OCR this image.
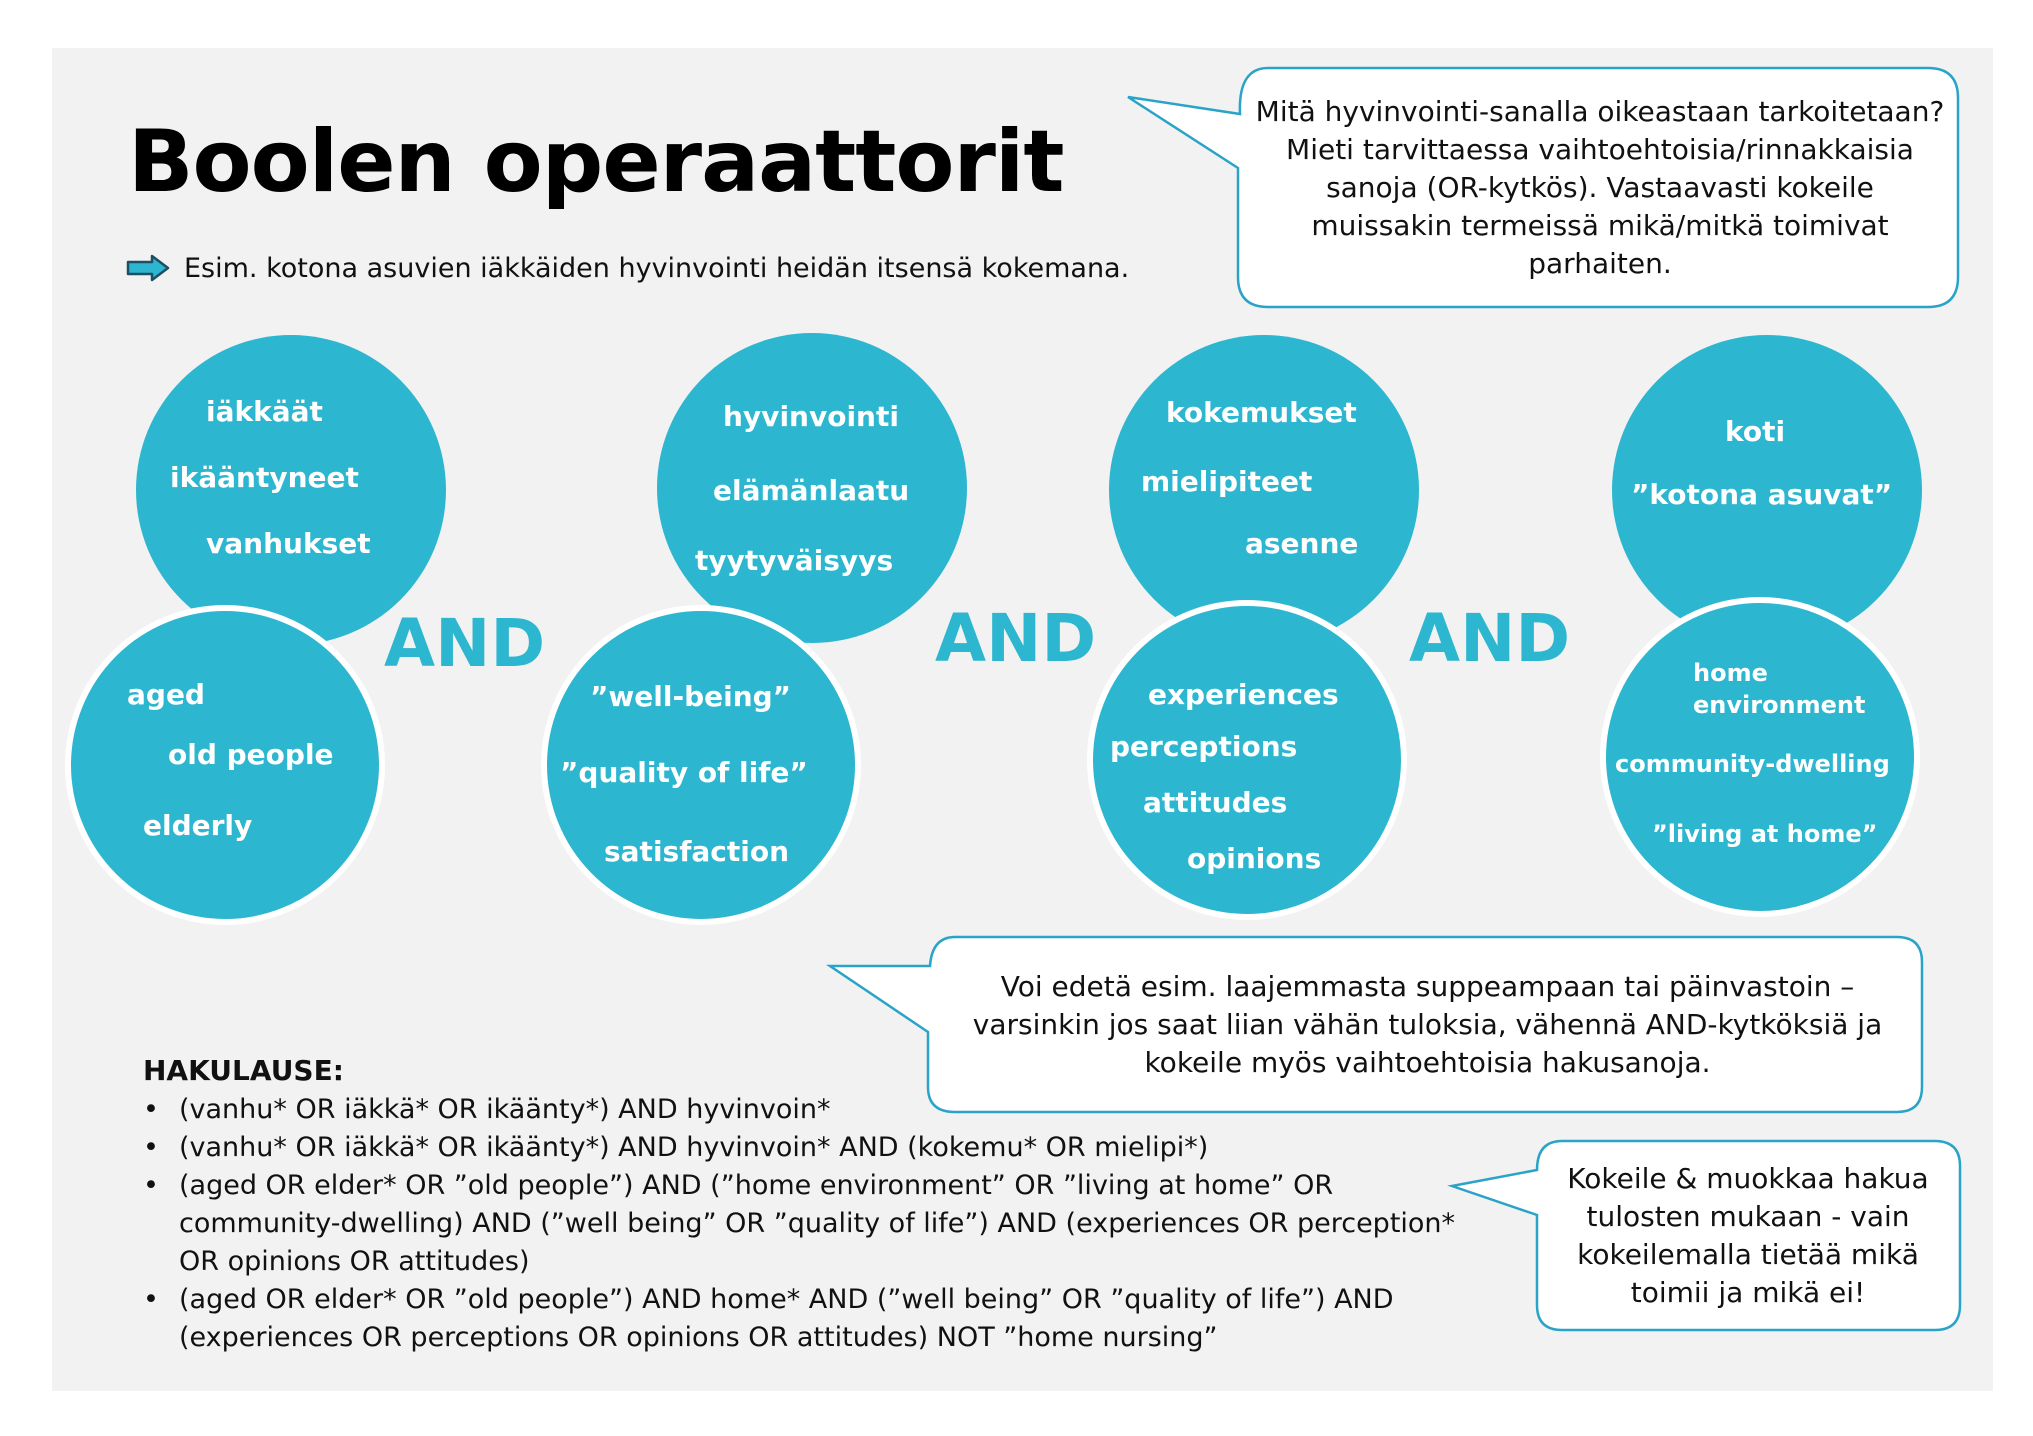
Boolen operaattorit
Esim. kotona asuvien iäkkäiden hyvinvointi heidän itsensä kokemana.
Mitä hyvinvointi-sanalla oikeastaan tarkoitetaan? Mieti tarvittaessa vaihtoehtoisia/rinnakkaisia sanoja (OR-kytkös). Vastaavasti kokeile muissakin termeissä mikä/mitkä toimivat parhaiten.
Voi edetä esim. laajemmasta suppeampaan tai päinvastoin – varsinkin jos saat liian vähän tuloksia, vähennä AND-kytköksiä ja kokeile myös vaihtoehtoisia hakusanoja.
Kokeile & muokkaa hakua tulosten mukaan - vain kokeilemalla tietää mikä toimii ja mikä ei!
iäkkäät
ikääntyneet
vanhukset
aged
old people
elderly
hyvinvointi
elämänlaatu
tyytyväisyys
”well-being”
”quality of life”
satisfaction
kokemukset
mielipiteet
asenne
experiences
perceptions
attitudes
opinions
koti
”kotona asuvat”
home environment
community-dwelling
”living at home”
AND	AND	AND
HAKULAUSE:
• (vanhu* OR iäkkä* OR ikäänty*) AND hyvinvoin*
• (vanhu* OR iäkkä* OR ikäänty*) AND hyvinvoin* AND (kokemu* OR mielipi*)
• (aged OR elder* OR ”old people”) AND (”home environment” OR ”living at home” OR community-dwelling) AND (”well being” OR ”quality of life”) AND (experiences OR perception* OR opinions OR attitudes)
• (aged OR elder* OR ”old people”) AND home* AND (”well being” OR ”quality of life”) AND (experiences OR perceptions OR opinions OR attitudes) NOT ”home nursing”
